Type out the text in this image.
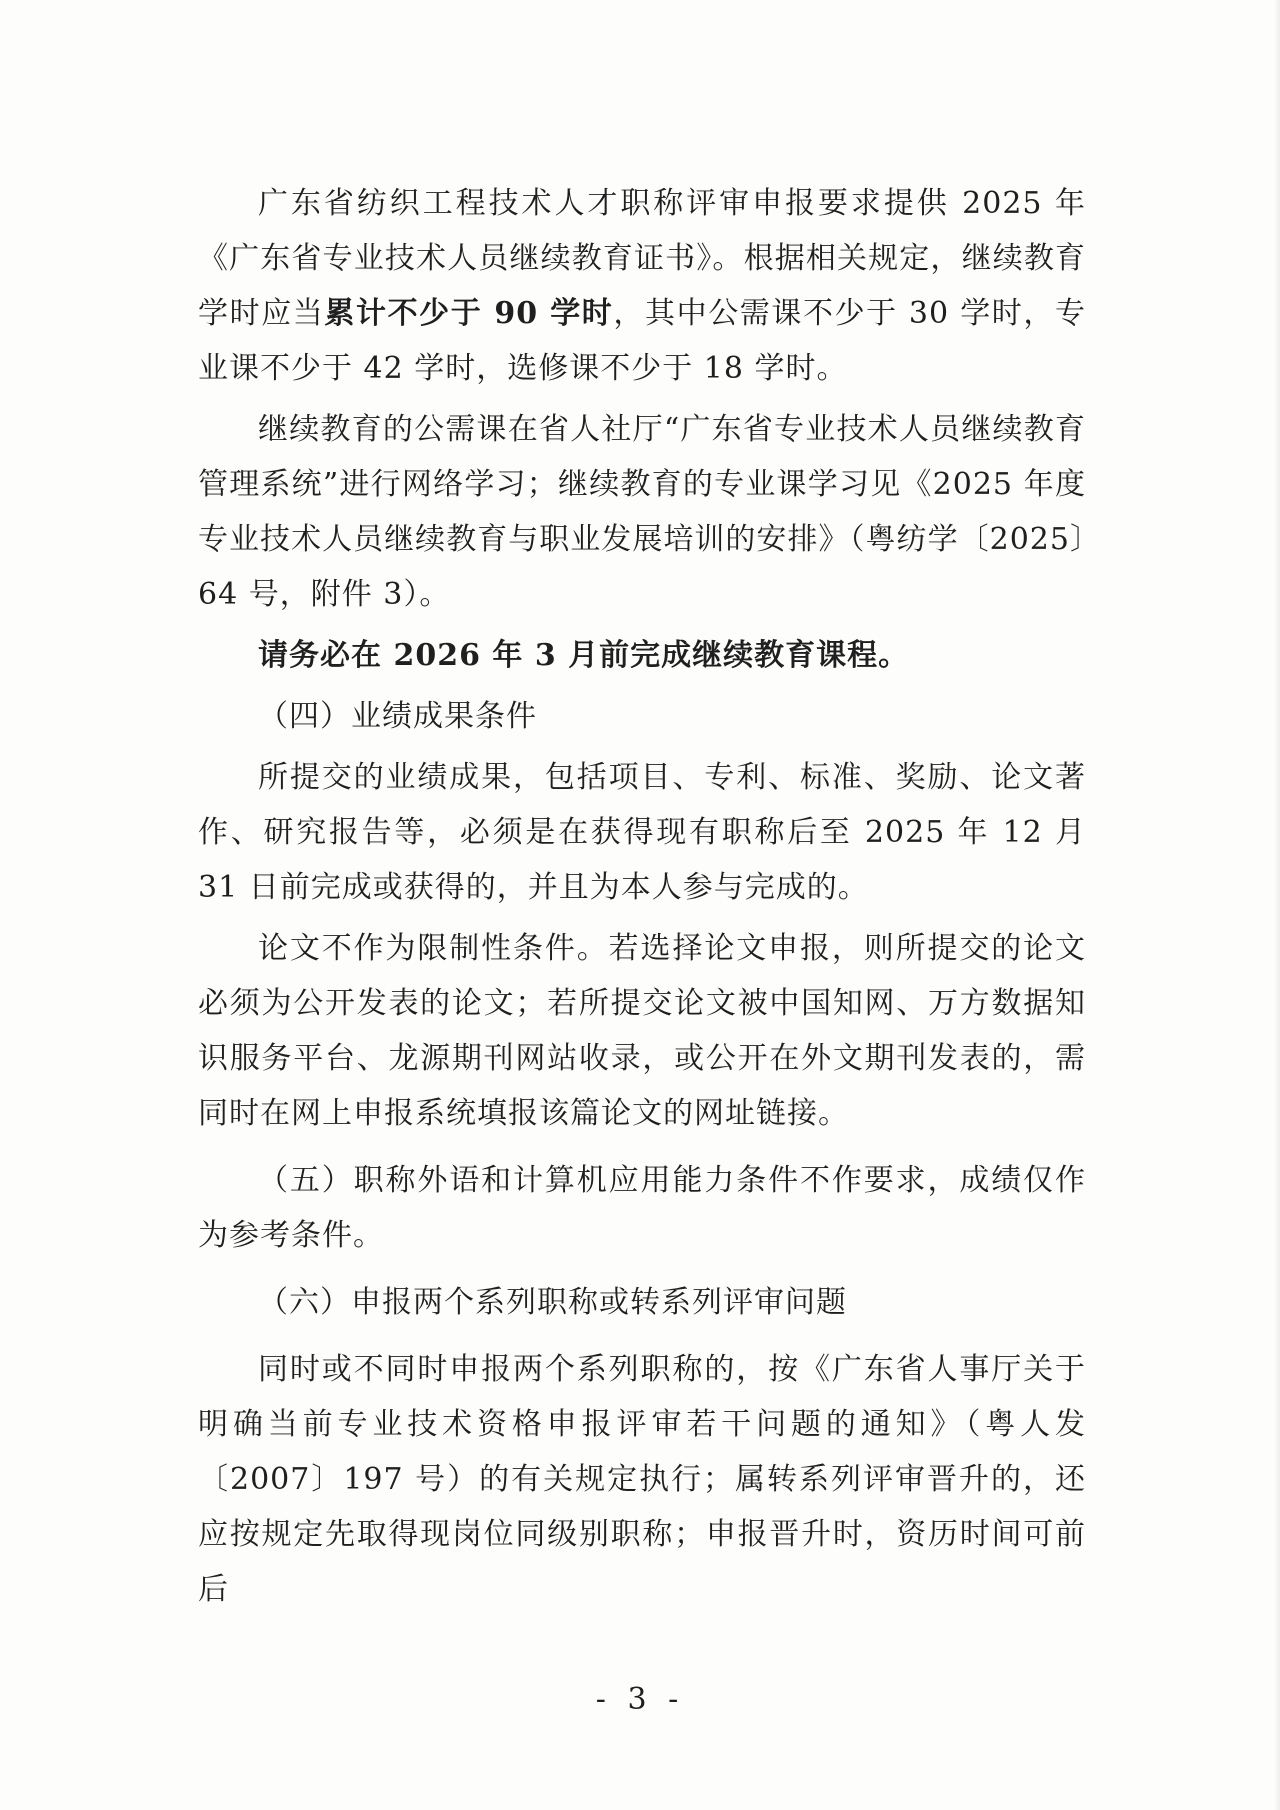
广东省纺织工程技术人才职称评审申报要求提供 2025 年《广东省专业技术人员继续教育证书》。根据相关规定，继续教育学时应当累计不少于 90 学时，其中公需课不少于 30 学时，专业课不少于 42 学时，选修课不少于 18 学时。

继续教育的公需课在省人社厅“广东省专业技术人员继续教育管理系统”进行网络学习；继续教育的专业课学习见《2025 年度专业技术人员继续教育与职业发展培训的安排》（粤纺学〔2025〕64 号，附件 3）。

请务必在 2026 年 3 月前完成继续教育课程。

（四）业绩成果条件

所提交的业绩成果，包括项目、专利、标准、奖励、论文著作、研究报告等，必须是在获得现有职称后至 2025 年 12 月 31 日前完成或获得的，并且为本人参与完成的。

论文不作为限制性条件。若选择论文申报，则所提交的论文必须为公开发表的论文；若所提交论文被中国知网、万方数据知识服务平台、龙源期刊网站收录，或公开在外文期刊发表的，需同时在网上申报系统填报该篇论文的网址链接。

（五）职称外语和计算机应用能力条件不作要求，成绩仅作为参考条件。

（六）申报两个系列职称或转系列评审问题

同时或不同时申报两个系列职称的，按《广东省人事厅关于明确当前专业技术资格申报评审若干问题的通知》（粤人发〔2007〕197 号）的有关规定执行；属转系列评审晋升的，还应按规定先取得现岗位同级别职称；申报晋升时，资历时间可前后

- 3 -
